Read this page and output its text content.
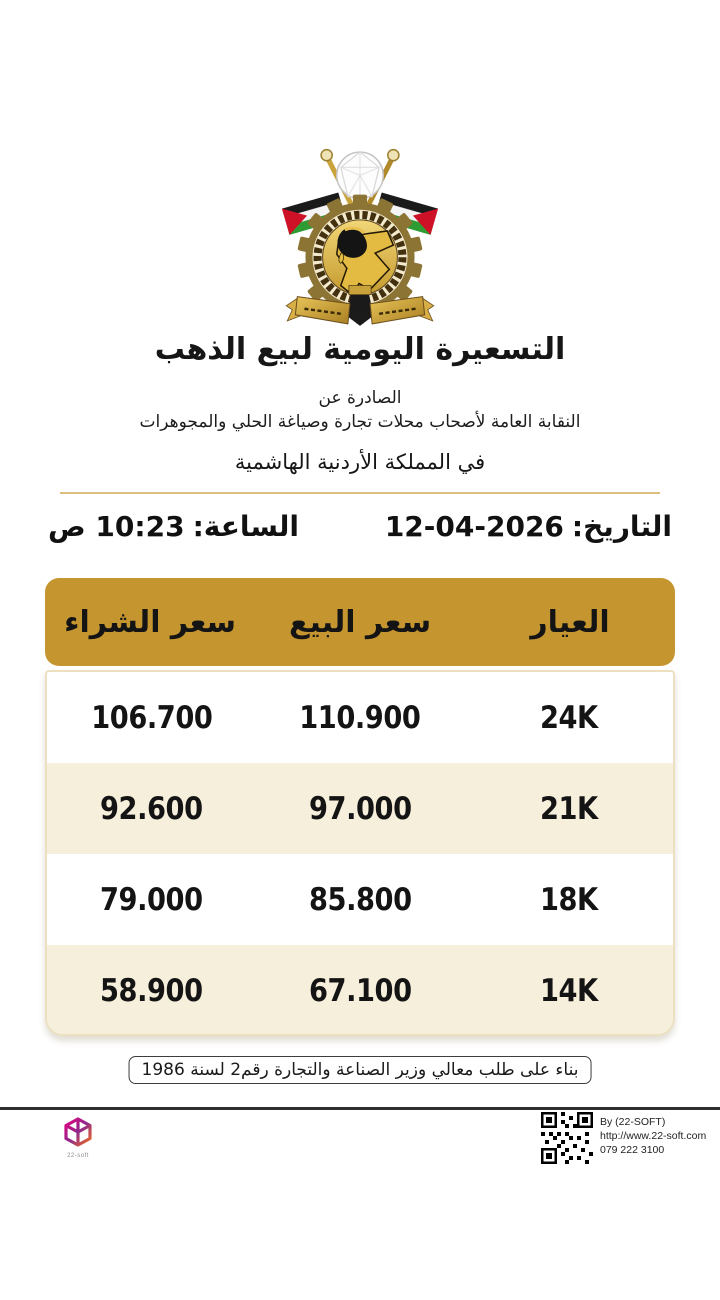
التسعيرة اليومية لبيع الذهب
الصادرة عن
النقابة العامة لأصحاب محلات تجارة وصياغة الحلي والمجوهرات
في المملكة الأردنية الهاشمية
التاريخ:
12-04-2026
الساعة:
10:23 ص
العيار
سعر البيع
سعر الشراء
24K
110.900
106.700
21K
97.000
92.600
18K
85.800
79.000
14K
67.100
58.900
بناء على طلب معالي وزير الصناعة والتجارة رقم2 لسنة 1986
22-soft
By (22-SOFT)
http://www.22-soft.com
079 222 3100
